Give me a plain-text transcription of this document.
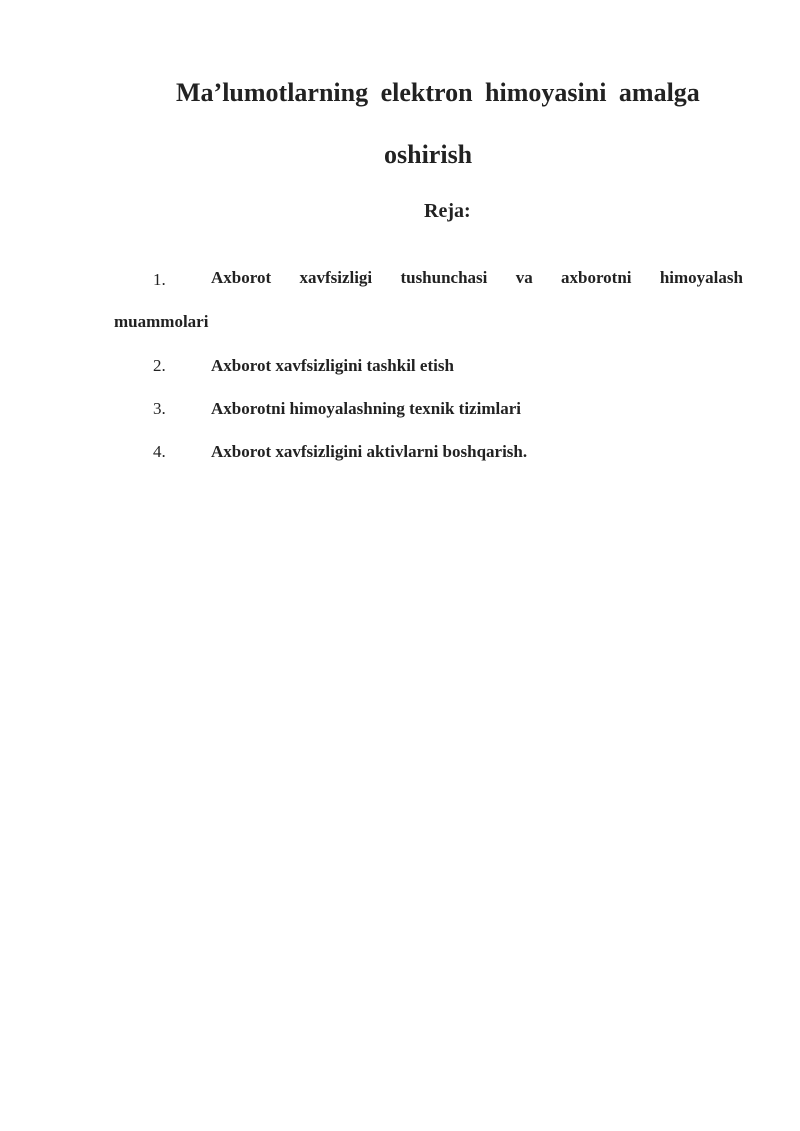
Ma’lumotlarning elektron himoyasini amalga
oshirish
Reja:
1.	Axborot xavfsizligi tushunchasi va axborotni himoyalash
muammolari
2.	Axborot xavfsizligini tashkil etish
3.	Axborotni himoyalashning texnik tizimlari
4.	Axborot xavfsizligini aktivlarni boshqarish.
